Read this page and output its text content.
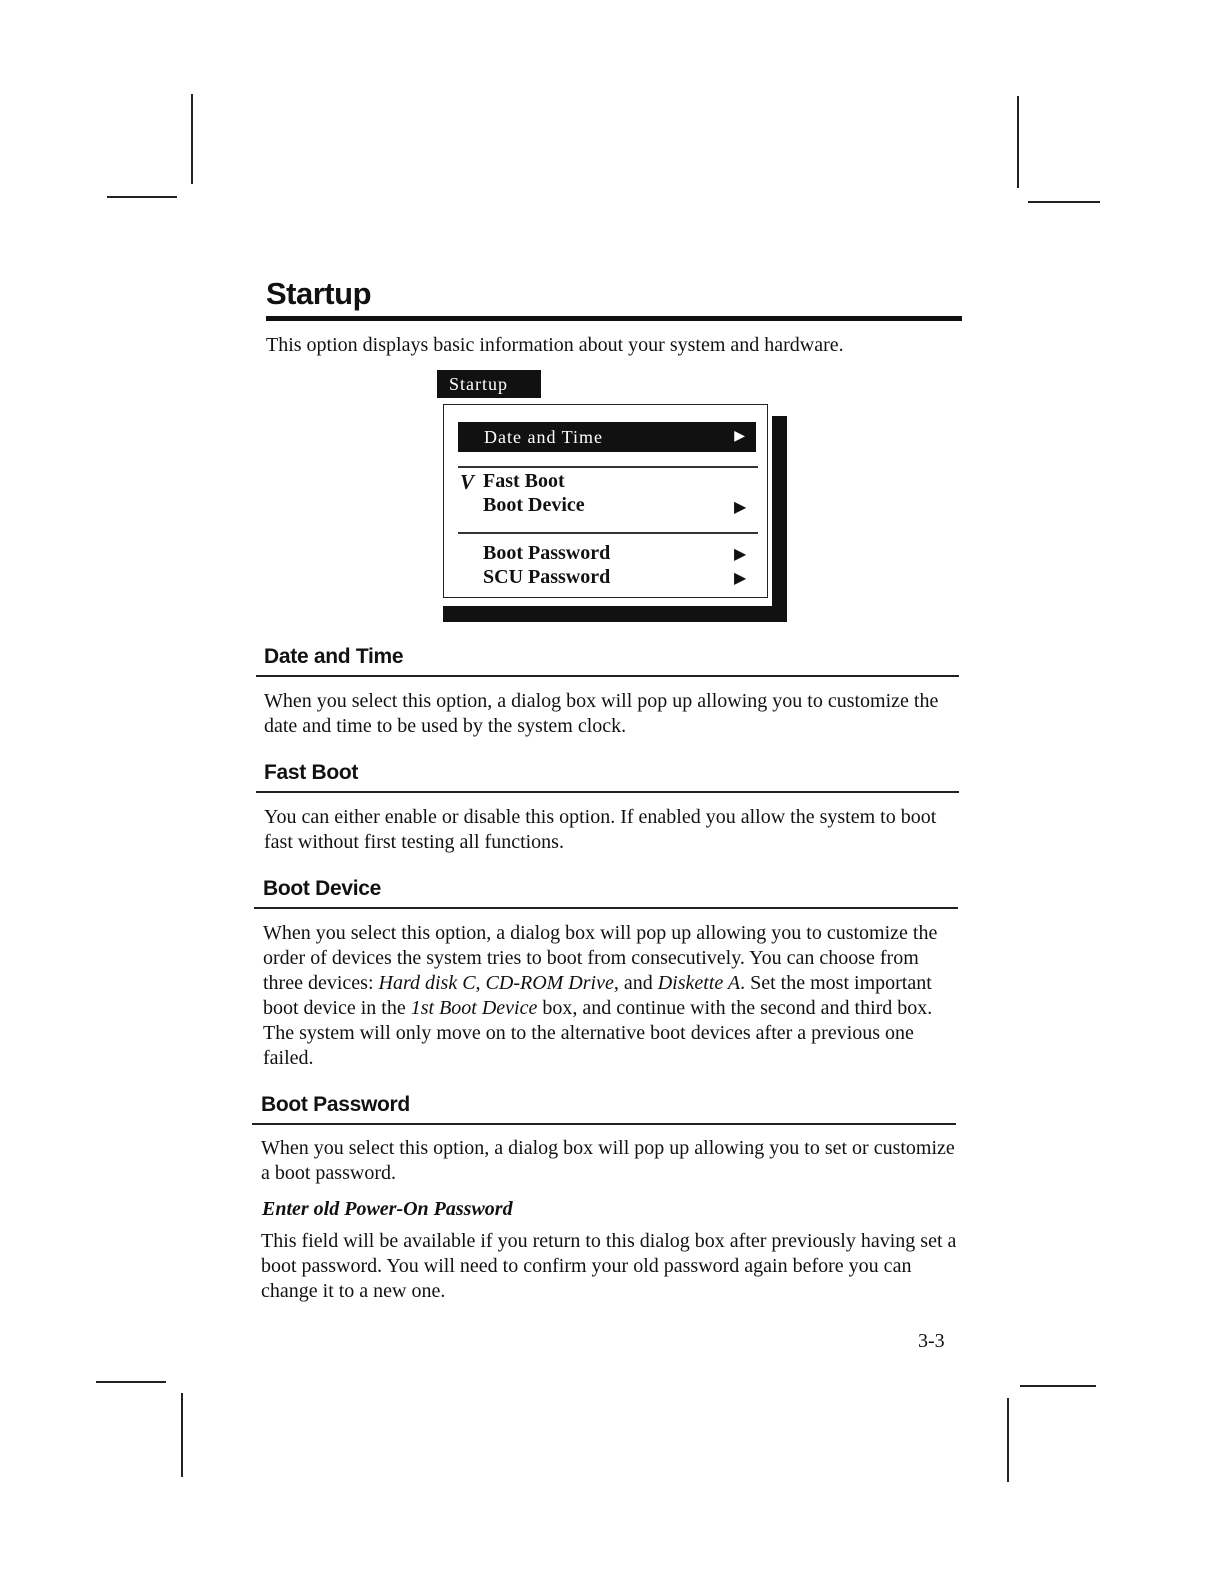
Startup

This option displays basic information about your system and hardware.

Startup
Date and Time	▶
V Fast Boot
Boot Device	▶
Boot Password	▶
SCU Password	▶
Date and Time

When you select this option, a dialog box will pop up allowing you to customize the date and time to be used by the system clock.

Fast Boot

You can either enable or disable this option. If enabled you allow the system to boot fast without first testing all functions.

Boot Device

When you select this option, a dialog box will pop up allowing you to customize the order of devices the system tries to boot from consecutively. You can choose from three devices: Hard disk C, CD-ROM Drive, and Diskette A. Set the most important boot device in the 1st Boot Device box, and continue with the second and third box. The system will only move on to the alternative boot devices after a previous one failed.

Boot Password

When you select this option, a dialog box will pop up allowing you to set or customize a boot password.

Enter old Power-On Password

This field will be available if you return to this dialog box after previously having set a boot password. You will need to confirm your old password again before you can change it to a new one.

3-3
